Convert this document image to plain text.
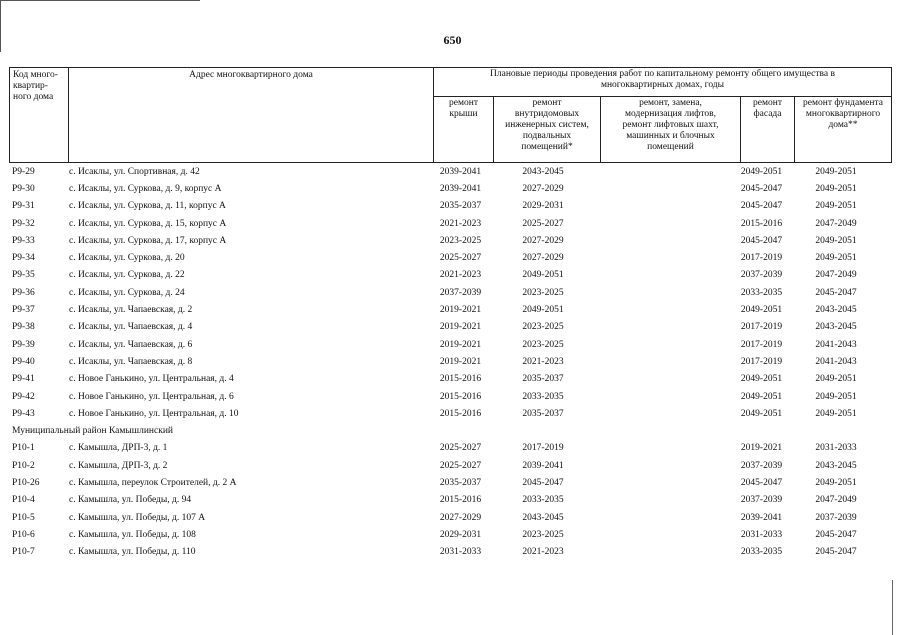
650
Код много-
квартир-
ного дома	Адрес многоквартирного дома	Плановые периоды проведения работ по капитальному ремонту общего имущества в
многоквартирных домах, годы				
		ремонт
крыши	ремонт
внутридомовых
инженерных систем,
подвальных
помещений*	ремонт, замена,
модернизация лифтов,
ремонт лифтовых шахт,
машинных и блочных
помещений	ремонт
фасада	ремонт фундамента
многоквартирного
дома**
Р9-29	с. Исаклы, ул. Спортивная, д. 42	2039-2041	2043-2045		2049-2051	2049-2051
Р9-30	с. Исаклы, ул. Суркова, д. 9, корпус А	2039-2041	2027-2029		2045-2047	2049-2051
Р9-31	с. Исаклы, ул. Суркова, д. 11, корпус А	2035-2037	2029-2031		2045-2047	2049-2051
Р9-32	с. Исаклы, ул. Суркова, д. 15, корпус А	2021-2023	2025-2027		2015-2016	2047-2049
Р9-33	с. Исаклы, ул. Суркова, д. 17, корпус А	2023-2025	2027-2029		2045-2047	2049-2051
Р9-34	с. Исаклы, ул. Суркова, д. 20	2025-2027	2027-2029		2017-2019	2049-2051
Р9-35	с. Исаклы, ул. Суркова, д. 22	2021-2023	2049-2051		2037-2039	2047-2049
Р9-36	с. Исаклы, ул. Суркова, д. 24	2037-2039	2023-2025		2033-2035	2045-2047
Р9-37	с. Исаклы, ул. Чапаевская, д. 2	2019-2021	2049-2051		2049-2051	2043-2045
Р9-38	с. Исаклы, ул. Чапаевская, д. 4	2019-2021	2023-2025		2017-2019	2043-2045
Р9-39	с. Исаклы, ул. Чапаевская, д. 6	2019-2021	2023-2025		2017-2019	2041-2043
Р9-40	с. Исаклы, ул. Чапаевская, д. 8	2019-2021	2021-2023		2017-2019	2041-2043
Р9-41	с. Новое Ганькино, ул. Центральная, д. 4	2015-2016	2035-2037		2049-2051	2049-2051
Р9-42	с. Новое Ганькино, ул. Центральная, д. 6	2015-2016	2033-2035		2049-2051	2049-2051
Р9-43	с. Новое Ганькино, ул. Центральная, д. 10	2015-2016	2035-2037		2049-2051	2049-2051
Муниципальный район Камышлинский						
Р10-1	с. Камышла, ДРП-3, д. 1	2025-2027	2017-2019		2019-2021	2031-2033
Р10-2	с. Камышла, ДРП-3, д. 2	2025-2027	2039-2041		2037-2039	2043-2045
Р10-26	с. Камышла, переулок Строителей, д. 2 А	2035-2037	2045-2047		2045-2047	2049-2051
Р10-4	с. Камышла, ул. Победы, д. 94	2015-2016	2033-2035		2037-2039	2047-2049
Р10-5	с. Камышла, ул. Победы, д. 107 А	2027-2029	2043-2045		2039-2041	2037-2039
Р10-6	с. Камышла, ул. Победы, д. 108	2029-2031	2023-2025		2031-2033	2045-2047
Р10-7	с. Камышла, ул. Победы, д. 110	2031-2033	2021-2023		2033-2035	2045-2047
